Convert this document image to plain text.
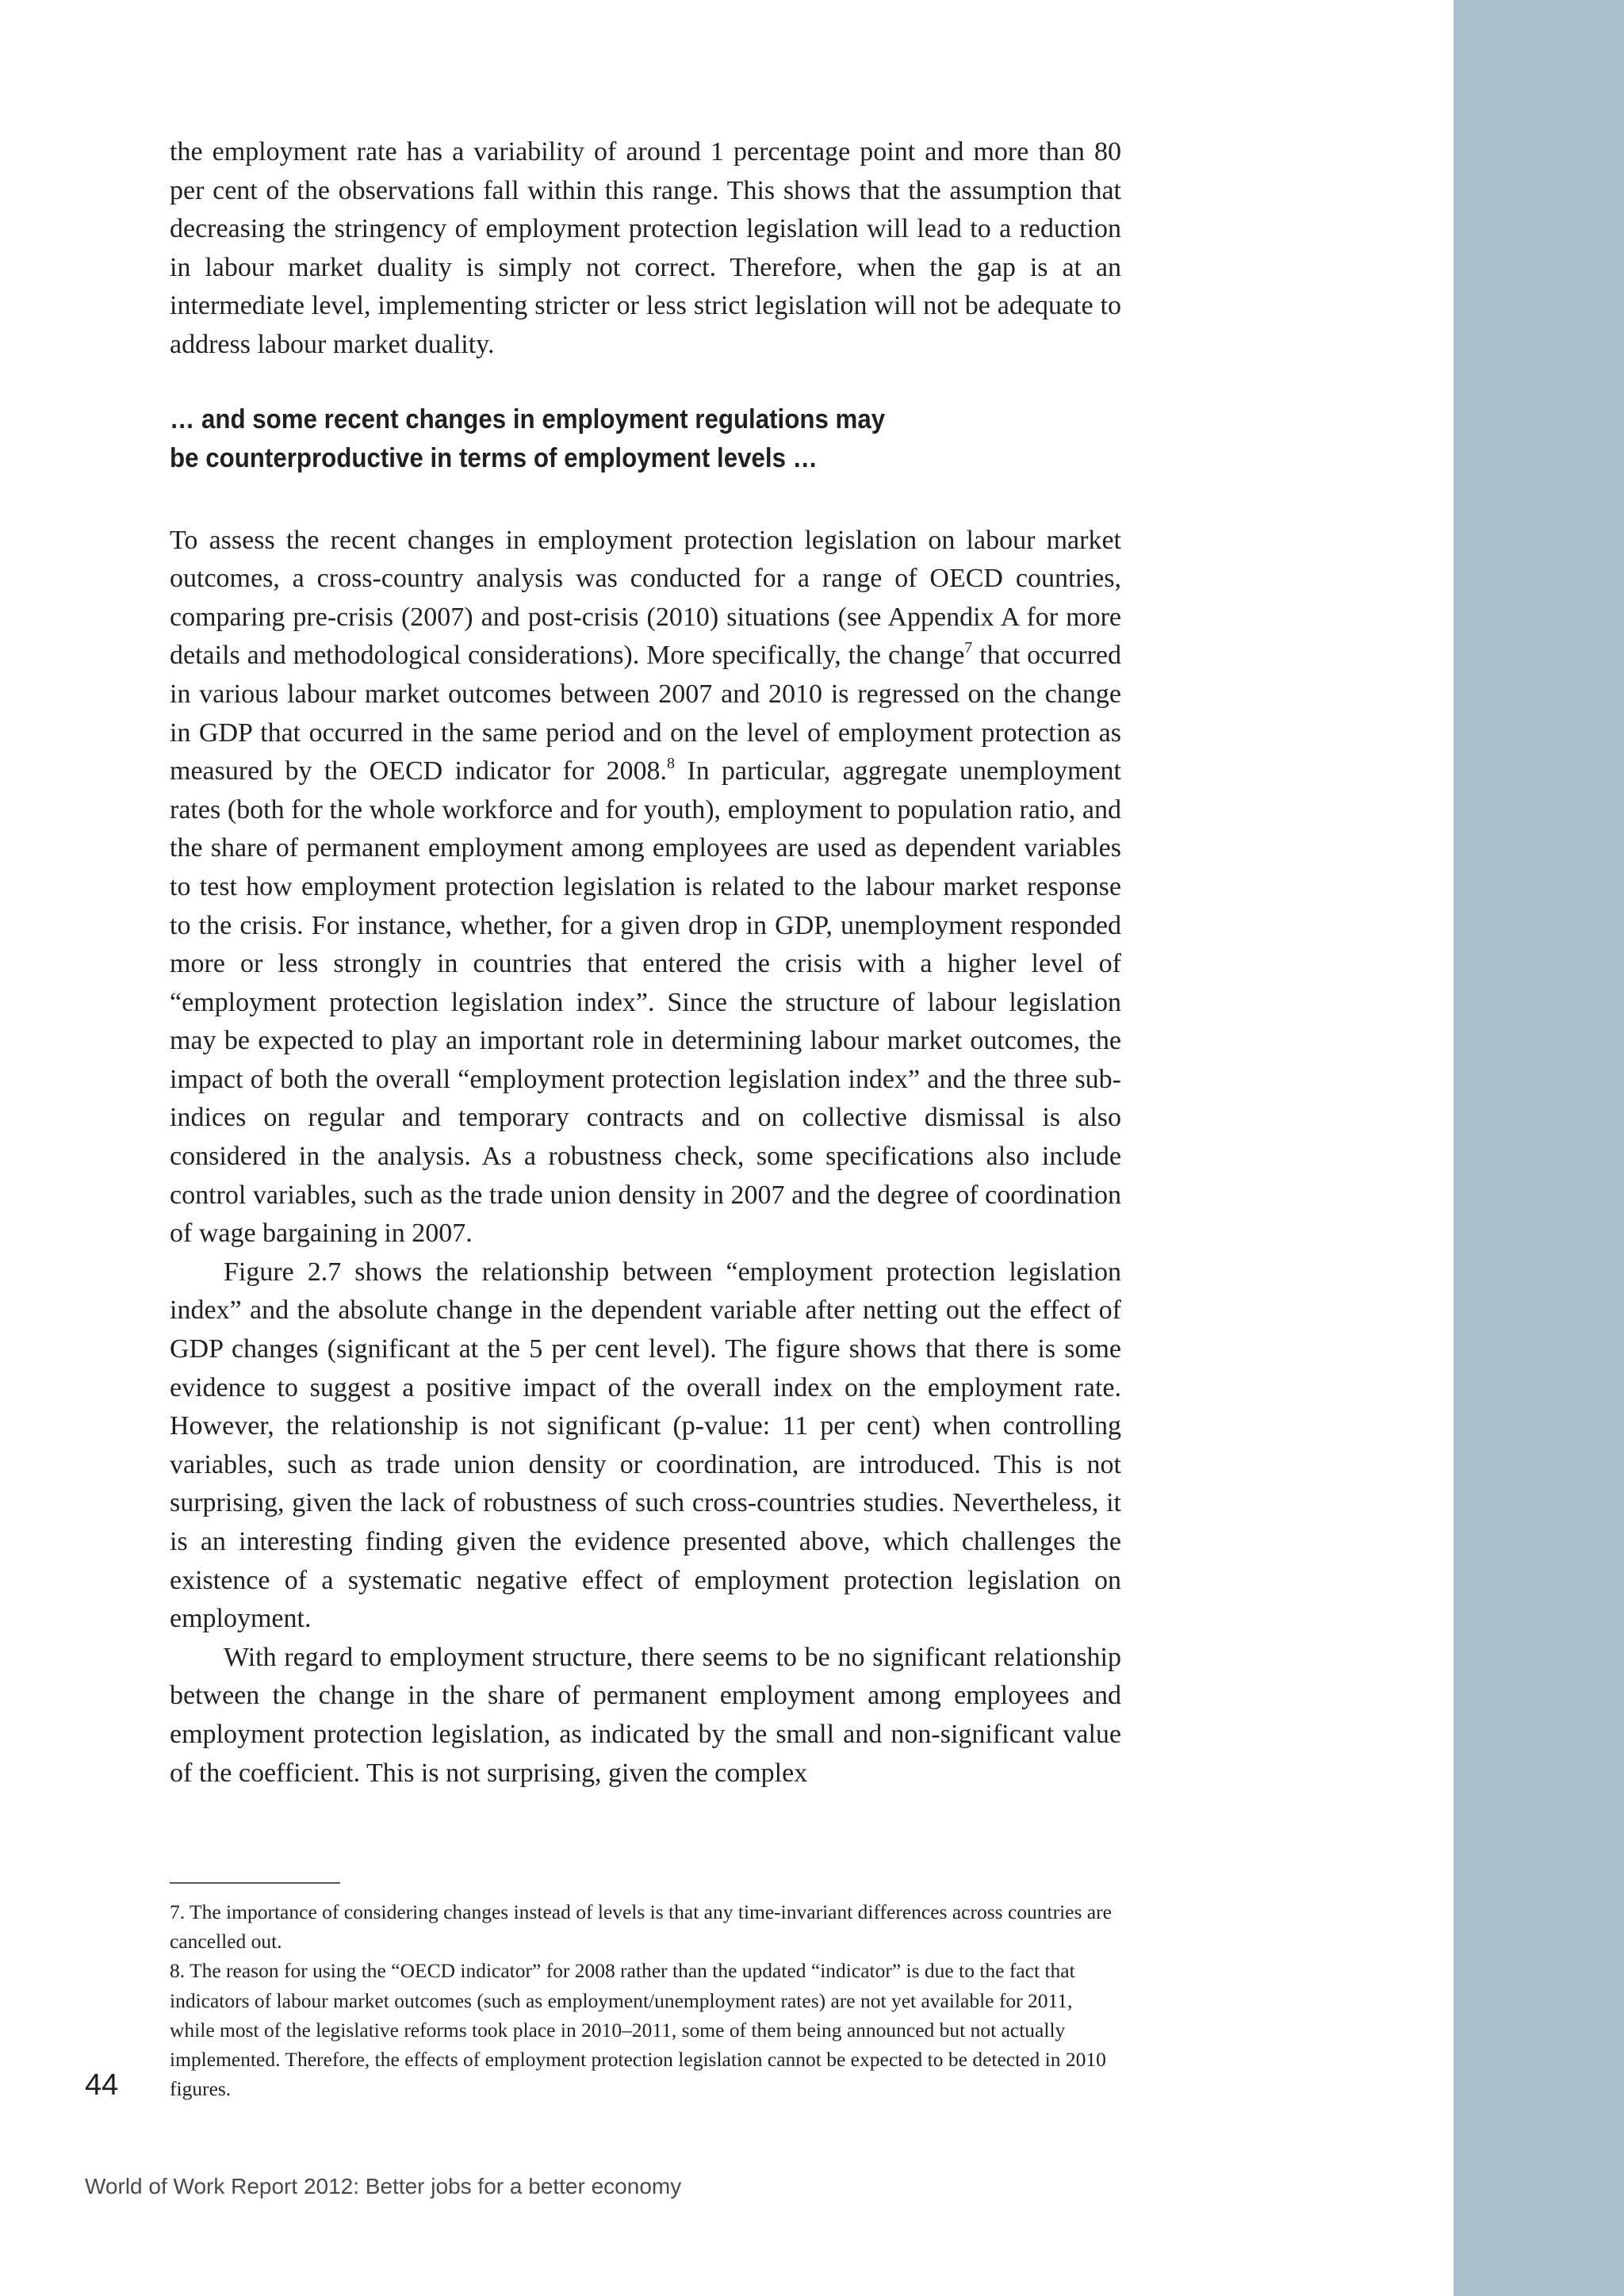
the employment rate has a variability of around 1 percentage point and more than 80 per cent of the observations fall within this range. This shows that the assumption that decreasing the stringency of employment protection legislation will lead to a reduction in labour market duality is simply not correct. Therefore, when the gap is at an intermediate level, implementing stricter or less strict legislation will not be adequate to address labour market duality.

… and some recent changes in employment regulations may
be counterproductive in terms of employment levels …

To assess the recent changes in employment protection legislation on labour market outcomes, a cross-country analysis was conducted for a range of OECD countries, comparing pre-crisis (2007) and post-crisis (2010) situations (see Appendix A for more details and methodological considerations). More specifically, the change$^7$ that occurred in various labour market outcomes between 2007 and 2010 is regressed on the change in GDP that occurred in the same period and on the level of employment protection as measured by the OECD indicator for 2008.$^8$ In particular, aggregate unemployment rates (both for the whole workforce and for youth), employment to population ratio, and the share of permanent employment among employees are used as dependent variables to test how employment protection legislation is related to the labour market response to the crisis. For instance, whether, for a given drop in GDP, unemployment responded more or less strongly in countries that entered the crisis with a higher level of “employment protection legislation index”. Since the structure of labour legislation may be expected to play an important role in determining labour market outcomes, the impact of both the overall “employment protection legislation index” and the three sub-indices on regular and temporary contracts and on collective dismissal is also considered in the analysis. As a robustness check, some specifications also include control variables, such as the trade union density in 2007 and the degree of coordination of wage bargaining in 2007.

Figure 2.7 shows the relationship between “employment protection legislation index” and the absolute change in the dependent variable after netting out the effect of GDP changes (significant at the 5 per cent level). The figure shows that there is some evidence to suggest a positive impact of the overall index on the employment rate. However, the relationship is not significant (p-value: 11 per cent) when controlling variables, such as trade union density or coordination, are introduced. This is not surprising, given the lack of robustness of such cross-countries studies. Nevertheless, it is an interesting finding given the evidence presented above, which challenges the existence of a systematic negative effect of employment protection legislation on employment.

With regard to employment structure, there seems to be no significant relationship between the change in the share of permanent employment among employees and employment protection legislation, as indicated by the small and non-significant value of the coefficient. This is not surprising, given the complex

7. The importance of considering changes instead of levels is that any time-invariant differences across countries are cancelled out.

8. The reason for using the “OECD indicator” for 2008 rather than the updated “indicator” is due to the fact that indicators of labour market outcomes (such as employment/unemployment rates) are not yet available for 2011, while most of the legislative reforms took place in 2010–2011, some of them being announced but not actually implemented. Therefore, the effects of employment protection legislation cannot be expected to be detected in 2010 figures.

44
World of Work Report 2012: Better jobs for a better economy
